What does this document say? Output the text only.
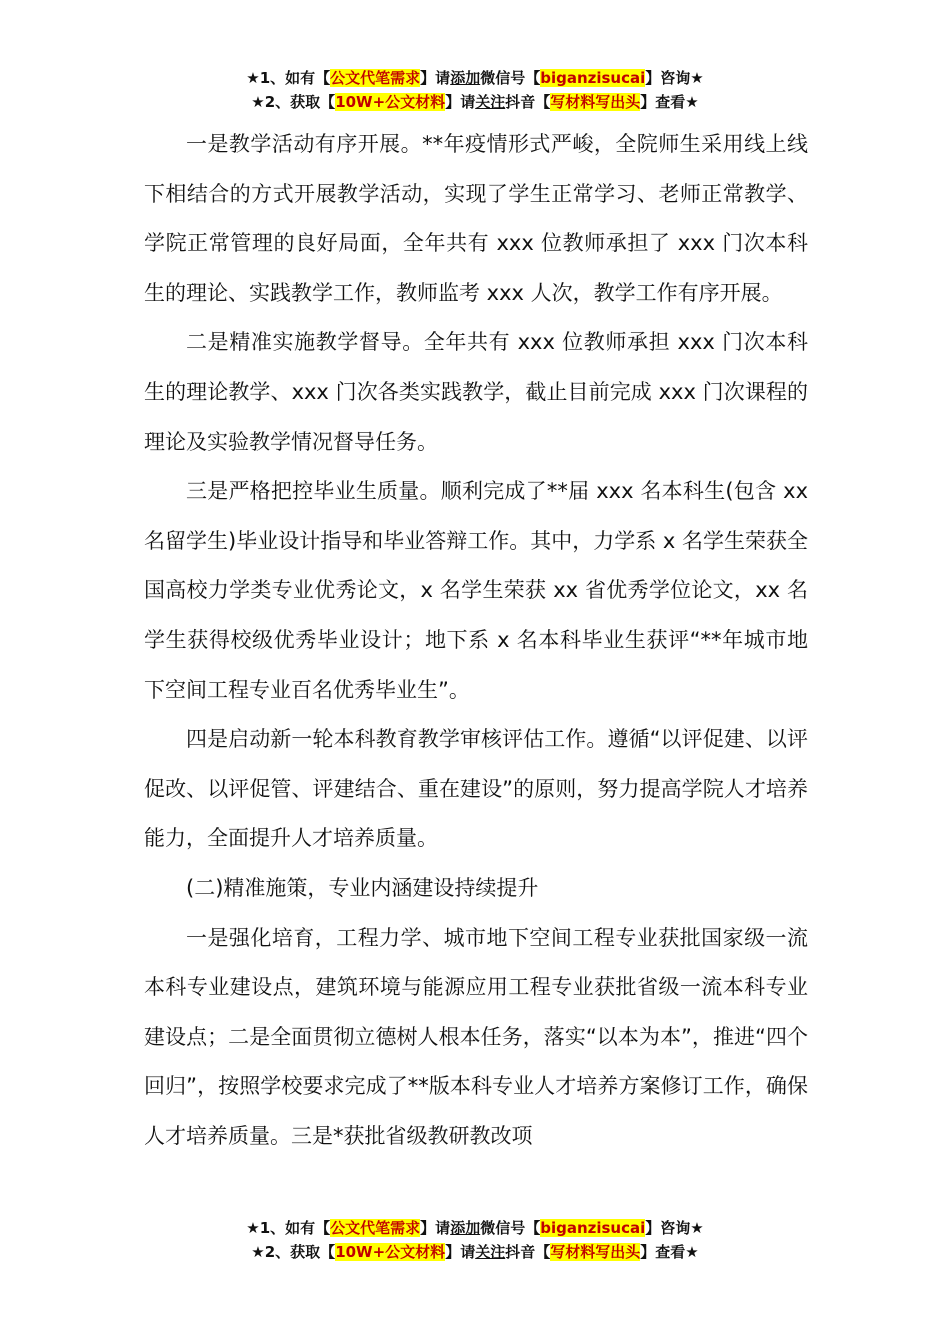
★1、如有【公文代笔需求】请添加微信号【biganzisucai】咨询★
★2、获取【10W+公文材料】请关注抖音【写材料写出头】查看★

一是教学活动有序开展。**年疫情形式严峻，全院师生采用线上线下相结合的方式开展教学活动，实现了学生正常学习、老师正常教学、学院正常管理的良好局面，全年共有 xxx 位教师承担了 xxx 门次本科生的理论、实践教学工作，教师监考 xxx 人次，教学工作有序开展。

二是精准实施教学督导。全年共有 xxx 位教师承担 xxx 门次本科生的理论教学、xxx 门次各类实践教学，截止目前完成 xxx 门次课程的理论及实验教学情况督导任务。

三是严格把控毕业生质量。顺利完成了**届 xxx 名本科生(包含 xx 名留学生)毕业设计指导和毕业答辩工作。其中，力学系 x 名学生荣获全国高校力学类专业优秀论文，x 名学生荣获 xx 省优秀学位论文，xx 名学生获得校级优秀毕业设计；地下系 x 名本科毕业生获评“**年城市地下空间工程专业百名优秀毕业生”。

四是启动新一轮本科教育教学审核评估工作。遵循“以评促建、以评促改、以评促管、评建结合、重在建设”的原则，努力提高学院人才培养能力，全面提升人才培养质量。

(二)精准施策，专业内涵建设持续提升

一是强化培育，工程力学、城市地下空间工程专业获批国家级一流本科专业建设点，建筑环境与能源应用工程专业获批省级一流本科专业建设点；二是全面贯彻立德树人根本任务，落实“以本为本”，推进“四个回归”，按照学校要求完成了**版本科专业人才培养方案修订工作，确保人才培养质量。三是*获批省级教研教改项

★1、如有【公文代笔需求】请添加微信号【biganzisucai】咨询★
★2、获取【10W+公文材料】请关注抖音【写材料写出头】查看★
